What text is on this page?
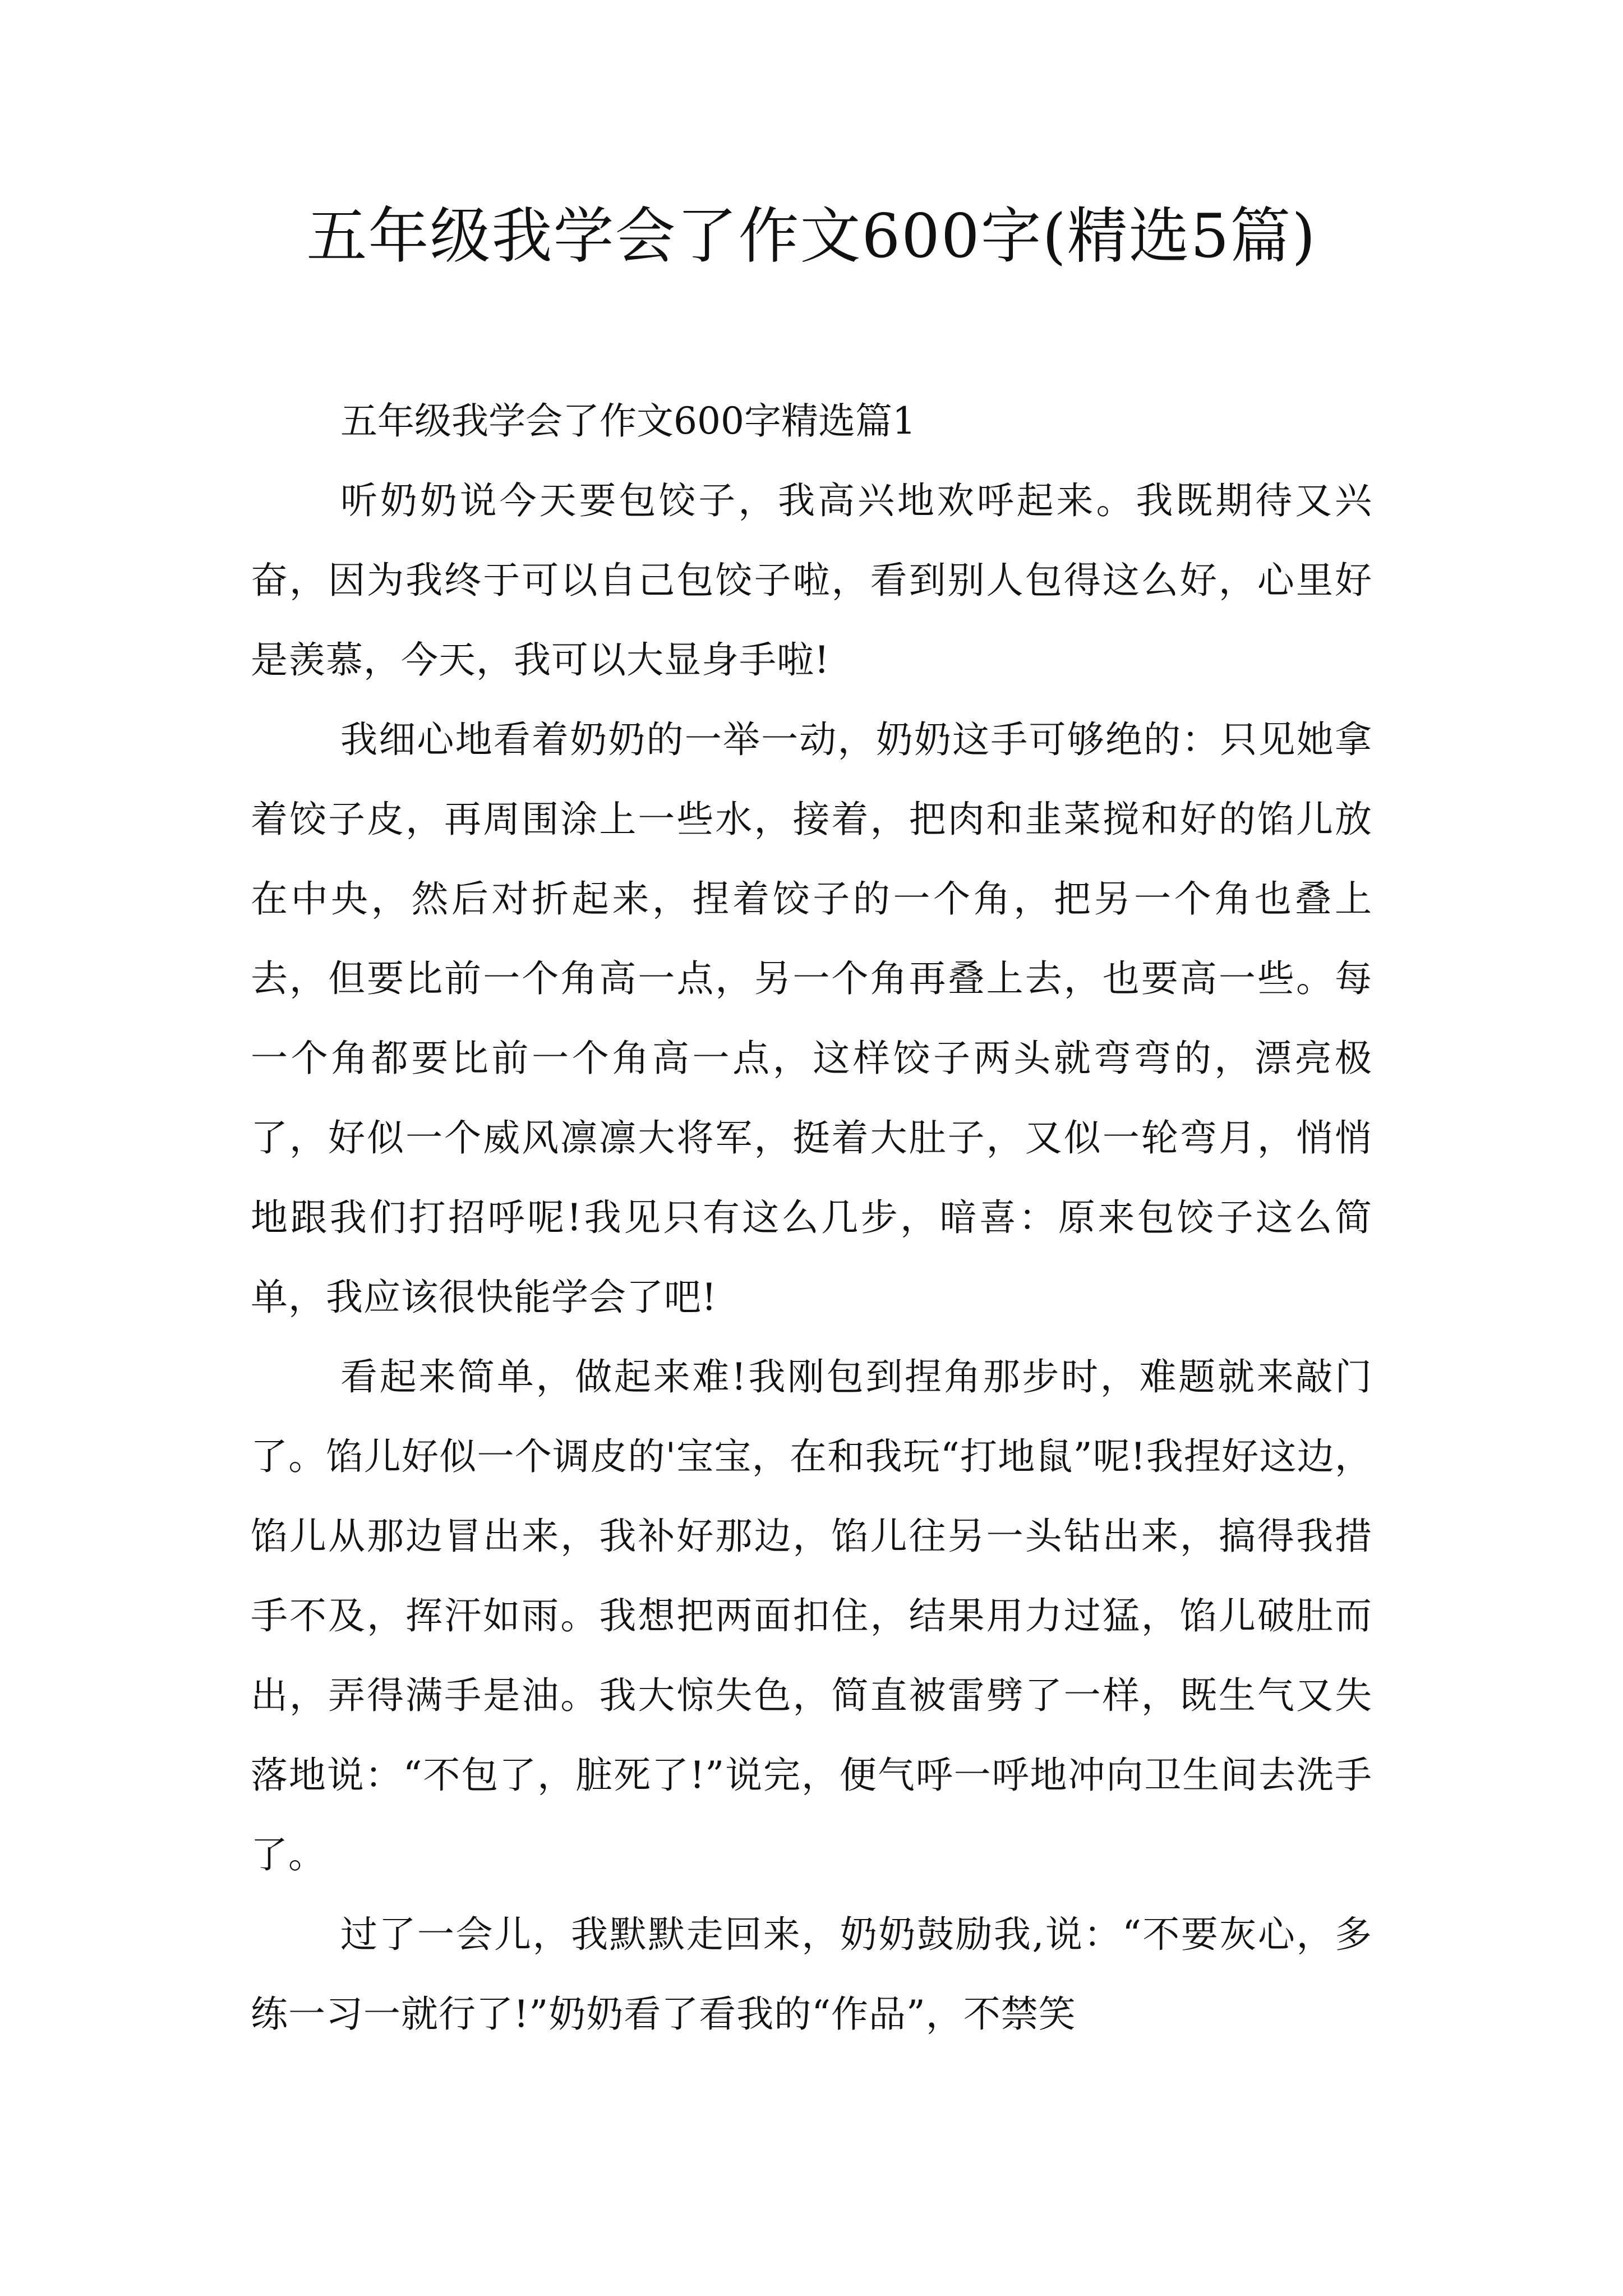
五年级我学会了作文600字(精选5篇)

五年级我学会了作文600字精选篇1

听奶奶说今天要包饺子，我高兴地欢呼起来。我既期待又兴奋，因为我终于可以自己包饺子啦，看到别人包得这么好，心里好是羡慕，今天，我可以大显身手啦!

我细心地看着奶奶的一举一动，奶奶这手可够绝的：只见她拿着饺子皮，再周围涂上一些水，接着，把肉和韭菜搅和好的馅儿放在中央，然后对折起来，捏着饺子的一个角，把另一个角也叠上去，但要比前一个角高一点，另一个角再叠上去，也要高一些。每一个角都要比前一个角高一点，这样饺子两头就弯弯的，漂亮极了，好似一个威风凛凛大将军，挺着大肚子，又似一轮弯月，悄悄地跟我们打招呼呢!我见只有这么几步，暗喜：原来包饺子这么简单，我应该很快能学会了吧!

看起来简单，做起来难!我刚包到捏角那步时，难题就来敲门了。馅儿好似一个调皮的'宝宝，在和我玩“打地鼠”呢!我捏好这边，馅儿从那边冒出来，我补好那边，馅儿往另一头钻出来，搞得我措手不及，挥汗如雨。我想把两面扣住，结果用力过猛，馅儿破肚而出，弄得满手是油。我大惊失色，简直被雷劈了一样，既生气又失落地说：“不包了，脏死了!”说完，便气呼一呼地冲向卫生间去洗手了。

过了一会儿，我默默走回来，奶奶鼓励我,说：“不要灰心，多练一习一就行了!”奶奶看了看我的“作品”，不禁笑
